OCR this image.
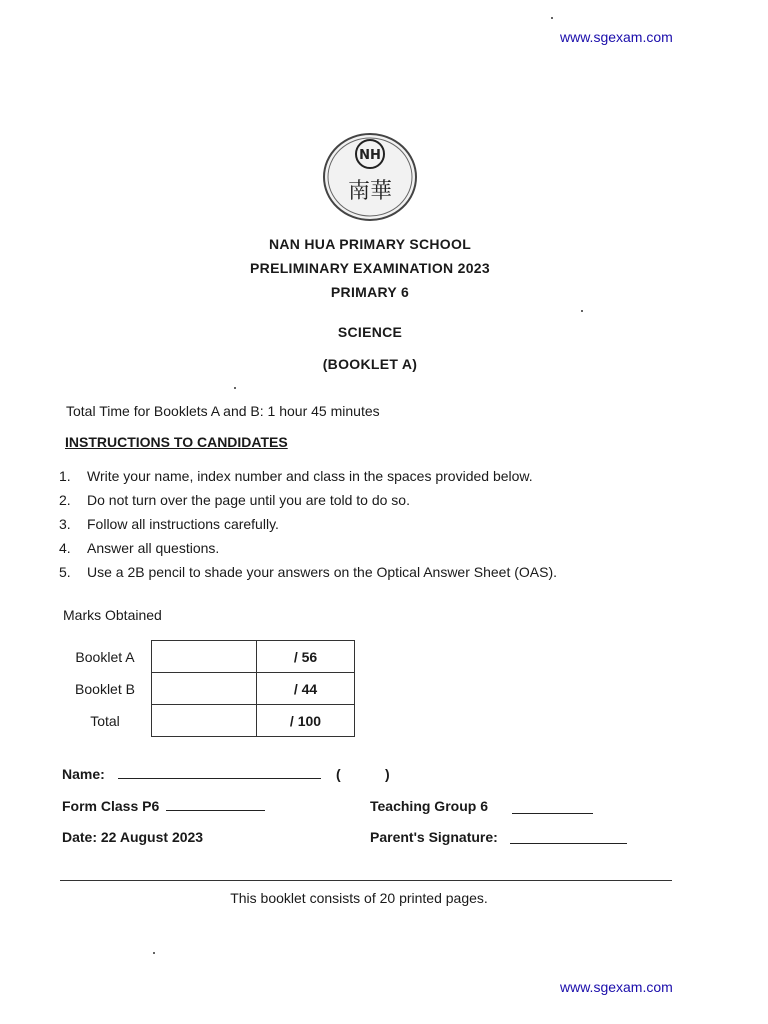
www.sgexam.com
NH
南華
NAN HUA PRIMARY SCHOOL
PRELIMINARY EXAMINATION 2023
PRIMARY 6
SCIENCE
(BOOKLET A)
Total Time for Booklets A and B: 1 hour 45 minutes
INSTRUCTIONS TO CANDIDATES
1.	Write your name, index number and class in the spaces provided below.
2.	Do not turn over the page until you are told to do so.
3.	Follow all instructions carefully.
4.	Answer all questions.
5.	Use a 2B pencil to shade your answers on the Optical Answer Sheet (OAS).
Marks Obtained
Booklet A		/ 56
Booklet B		/ 44
Total		/ 100
Name:	(	)
Form Class P6	Teaching Group 6
Date: 22 August 2023	Parent's Signature:
This booklet consists of 20 printed pages.
www.sgexam.com
